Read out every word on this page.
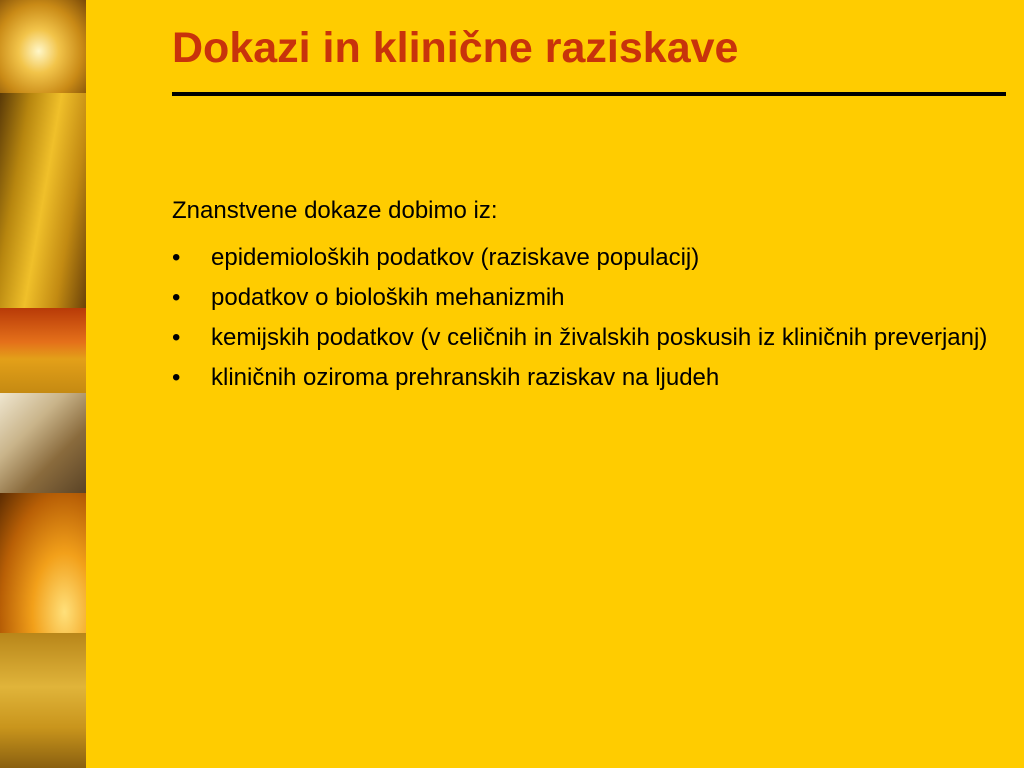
Dokazi in klinične raziskave

Znanstvene dokaze dobimo iz:

• epidemioloških podatkov (raziskave populacij)
• podatkov o bioloških mehanizmih
• kemijskih podatkov (v celičnih in živalskih poskusih iz kliničnih preverjanj)
• kliničnih oziroma prehranskih raziskav na ljudeh
